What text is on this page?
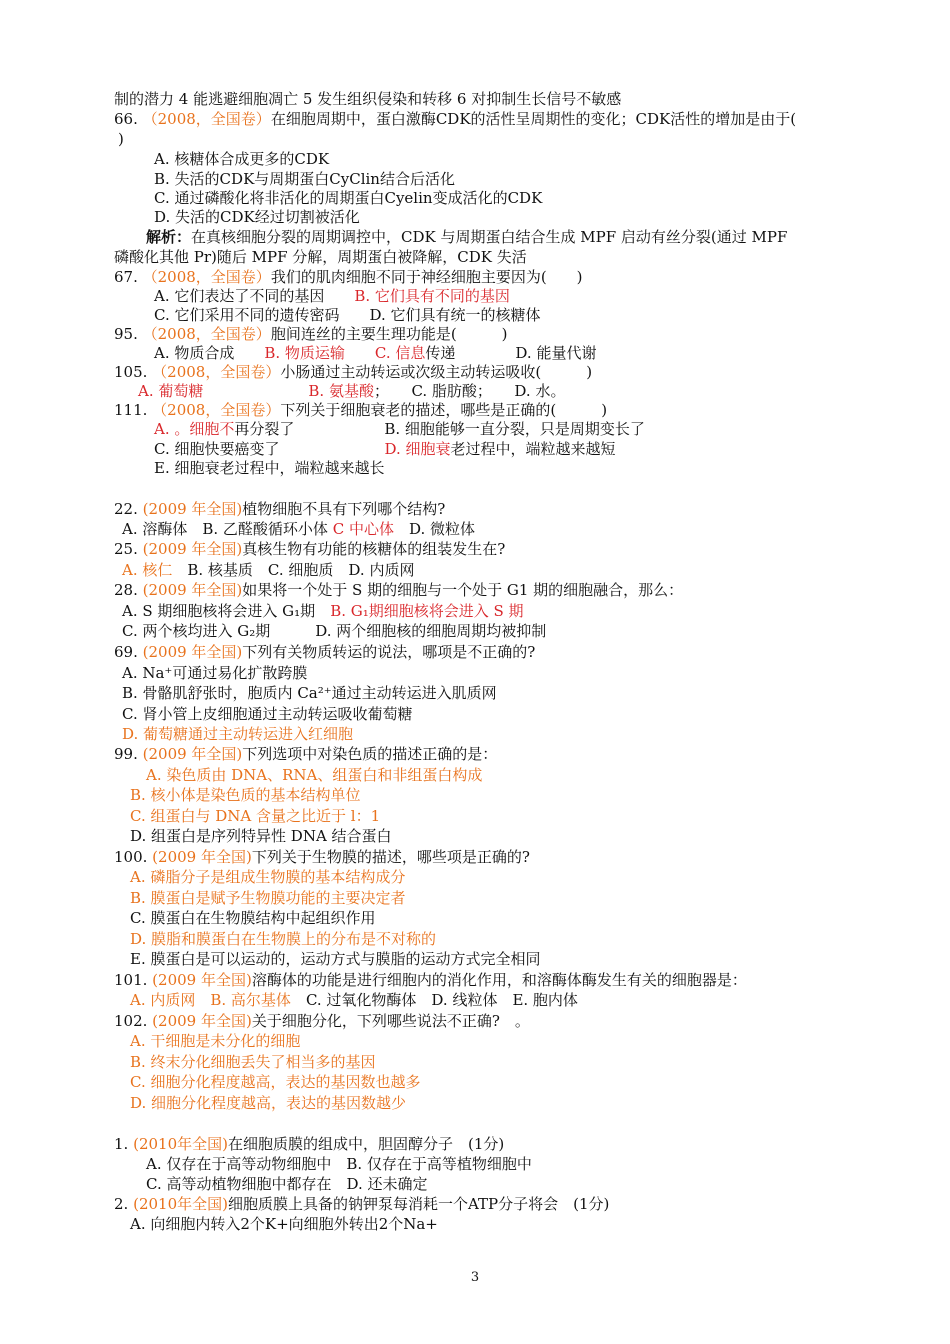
制的潜力 4 能逃避细胞凋亡 5 发生组织侵染和转移 6 对抑制生长信号不敏感
66. （2008，全国卷）在细胞周期中，蛋白激酶CDK的活性呈周期性的变化；CDK活性的增加是由于(
)
A. 核糖体合成更多的CDK
B. 失活的CDK与周期蛋白CyClin结合后活化
C. 通过磷酸化将非活化的周期蛋白Cyelin变成活化的CDK
D. 失活的CDK经过切割被活化
解析：在真核细胞分裂的周期调控中，CDK 与周期蛋白结合生成 MPF 启动有丝分裂(通过 MPF
磷酸化其他 Pr)随后 MPF 分解，周期蛋白被降解，CDK 失活
67. （2008，全国卷）我们的肌肉细胞不同于神经细胞主要因为(　　)
A. 它们表达了不同的基因　　B. 它们具有不同的基因
C. 它们采用不同的遗传密码　　D. 它们具有统一的核糖体
95. （2008，全国卷）胞间连丝的主要生理功能是(　　　)
A. 物质合成　　B. 物质运输　　C. 信息传递　　　　D. 能量代谢
105. （2008，全国卷）小肠通过主动转运或次级主动转运吸收(　　　)
A. 葡萄糖　　　　　　　	B. 氨基酸；　　C. 脂肪酸；　　D. 水。
111. （2008，全国卷）下列关于细胞衰老的描述，哪些是正确的(　　　)
A. 。细胞不再分裂了　　　　　　B. 细胞能够一直分裂，只是周期变长了
C. 细胞快要癌变了　　　　　　　D. 细胞衰老过程中，端粒越来越短
E. 细胞衰老过程中，端粒越来越长
22. (2009 年全国)植物细胞不具有下列哪个结构?
A. 溶酶体　B. 乙醛酸循环小体 C 中心体　D. 微粒体
25. (2009 年全国)真核生物有功能的核糖体的组装发生在?
A. 核仁　B. 核基质　C. 细胞质　D. 内质网
28. (2009 年全国)如果将一个处于 S 期的细胞与一个处于 G1 期的细胞融合，那么：
A. S 期细胞核将会进入 G₁期　B. G₁期细胞核将会进入 S 期
C. 两个核均进入 G₂期　　　D. 两个细胞核的细胞周期均被抑制
69. (2009 年全国)下列有关物质转运的说法，哪项是不正确的?
A. Na⁺可通过易化扩散跨膜
B. 骨骼肌舒张时，胞质内 Ca²⁺通过主动转运进入肌质网
C. 肾小管上皮细胞通过主动转运吸收葡萄糖
D. 葡萄糖通过主动转运进入红细胞
99. (2009 年全国)下列选项中对染色质的描述正确的是：
A. 染色质由 DNA、RNA、组蛋白和非组蛋白构成
B. 核小体是染色质的基本结构单位
C. 组蛋白与 DNA 含量之比近于 l：1
D. 组蛋白是序列特异性 DNA 结合蛋白
100. (2009 年全国)下列关于生物膜的描述，哪些项是正确的?
A. 磷脂分子是组成生物膜的基本结构成分
B. 膜蛋白是赋予生物膜功能的主要决定者
C. 膜蛋白在生物膜结构中起组织作用
D. 膜脂和膜蛋白在生物膜上的分布是不对称的
E. 膜蛋白是可以运动的，运动方式与膜脂的运动方式完全相同
101. (2009 年全国)溶酶体的功能是进行细胞内的消化作用，和溶酶体酶发生有关的细胞器是：
A. 内质网　B. 高尔基体　C. 过氧化物酶体　D. 线粒体　E. 胞内体
102. (2009 年全国)关于细胞分化，下列哪些说法不正确?　。
A. 干细胞是未分化的细胞
B. 终末分化细胞丢失了相当多的基因
C. 细胞分化程度越高，表达的基因数也越多
D. 细胞分化程度越高，表达的基因数越少
1. (2010年全国)在细胞质膜的组成中，胆固醇分子　(1分)
A. 仅存在于高等动物细胞中　B. 仅存在于高等植物细胞中
C. 高等动植物细胞中都存在　D. 还未确定
2. (2010年全国)细胞质膜上具备的钠钾泵每消耗一个ATP分子将会　(1分)
A. 向细胞内转入2个K+向细胞外转出2个Na+
3
